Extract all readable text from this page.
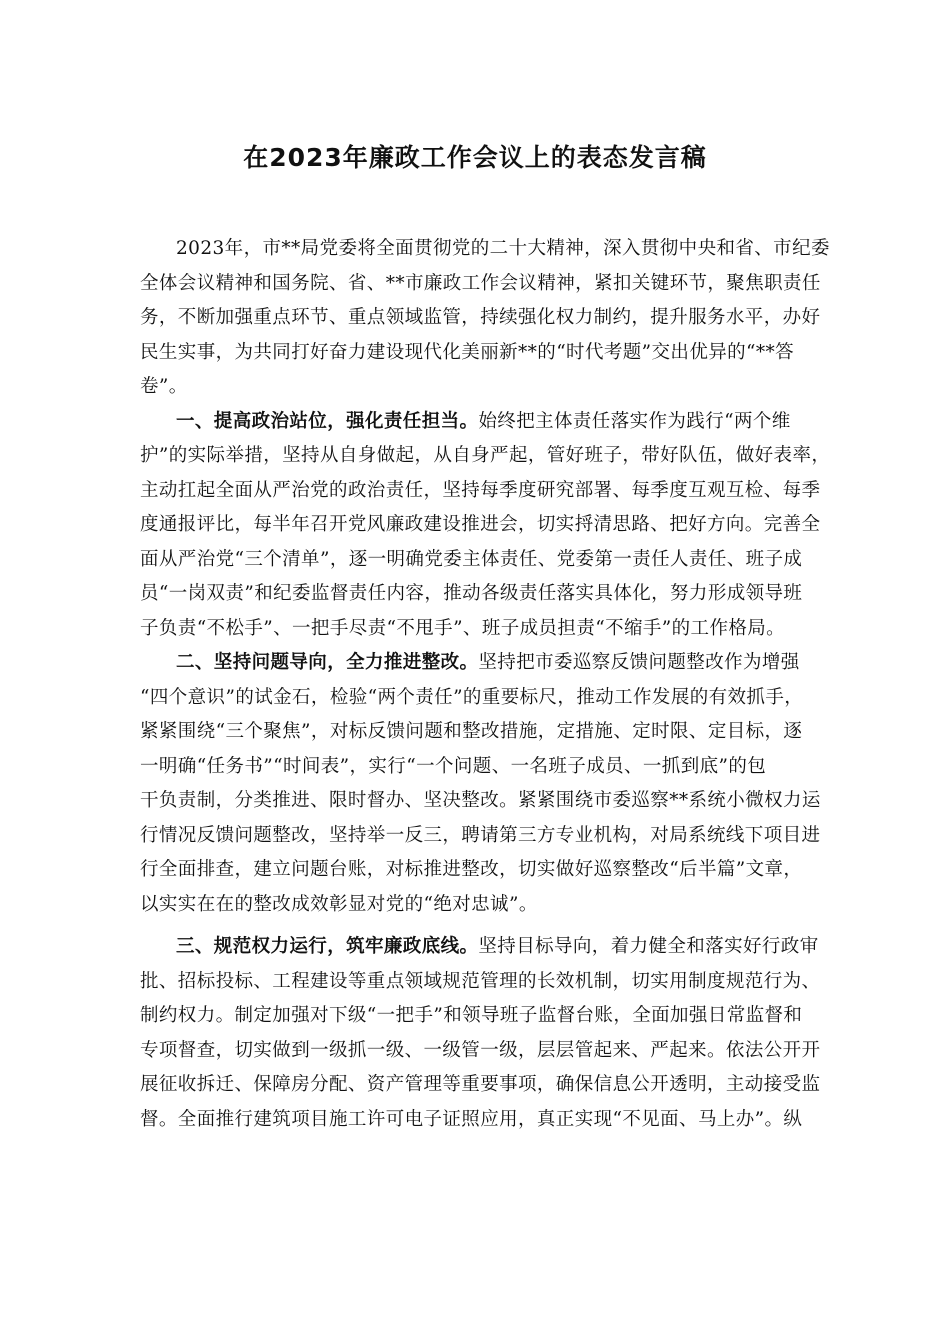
在2023年廉政工作会议上的表态发言稿
2023年，市**局党委将全面贯彻党的二十大精神，深入贯彻中央和省、市纪委
全体会议精神和国务院、省、**市廉政工作会议精神，紧扣关键环节，聚焦职责任
务，不断加强重点环节、重点领域监管，持续强化权力制约，提升服务水平，办好
民生实事，为共同打好奋力建设现代化美丽新**的“时代考题”交出优异的“**答
卷”。
一、提高政治站位，强化责任担当。始终把主体责任落实作为践行“两个维
护”的实际举措，坚持从自身做起，从自身严起，管好班子，带好队伍，做好表率，
主动扛起全面从严治党的政治责任，坚持每季度研究部署、每季度互观互检、每季
度通报评比，每半年召开党风廉政建设推进会，切实捋清思路、把好方向。完善全
面从严治党“三个清单”，逐一明确党委主体责任、党委第一责任人责任、班子成
员“一岗双责”和纪委监督责任内容，推动各级责任落实具体化，努力形成领导班
子负责“不松手”、一把手尽责“不甩手”、班子成员担责“不缩手”的工作格局。
二、坚持问题导向，全力推进整改。坚持把市委巡察反馈问题整改作为增强
“四个意识”的试金石，检验“两个责任”的重要标尺，推动工作发展的有效抓手，
紧紧围绕“三个聚焦”，对标反馈问题和整改措施，定措施、定时限、定目标，逐
一明确“任务书”“时间表”，实行“一个问题、一名班子成员、一抓到底”的包
干负责制，分类推进、限时督办、坚决整改。紧紧围绕市委巡察**系统小微权力运
行情况反馈问题整改，坚持举一反三，聘请第三方专业机构，对局系统线下项目进
行全面排查，建立问题台账，对标推进整改，切实做好巡察整改“后半篇”文章，
以实实在在的整改成效彰显对党的“绝对忠诚”。
三、规范权力运行，筑牢廉政底线。坚持目标导向，着力健全和落实好行政审
批、招标投标、工程建设等重点领域规范管理的长效机制，切实用制度规范行为、
制约权力。制定加强对下级“一把手”和领导班子监督台账，全面加强日常监督和
专项督查，切实做到一级抓一级、一级管一级，层层管起来、严起来。依法公开开
展征收拆迁、保障房分配、资产管理等重要事项，确保信息公开透明，主动接受监
督。全面推行建筑项目施工许可电子证照应用，真正实现“不见面、马上办”。纵
